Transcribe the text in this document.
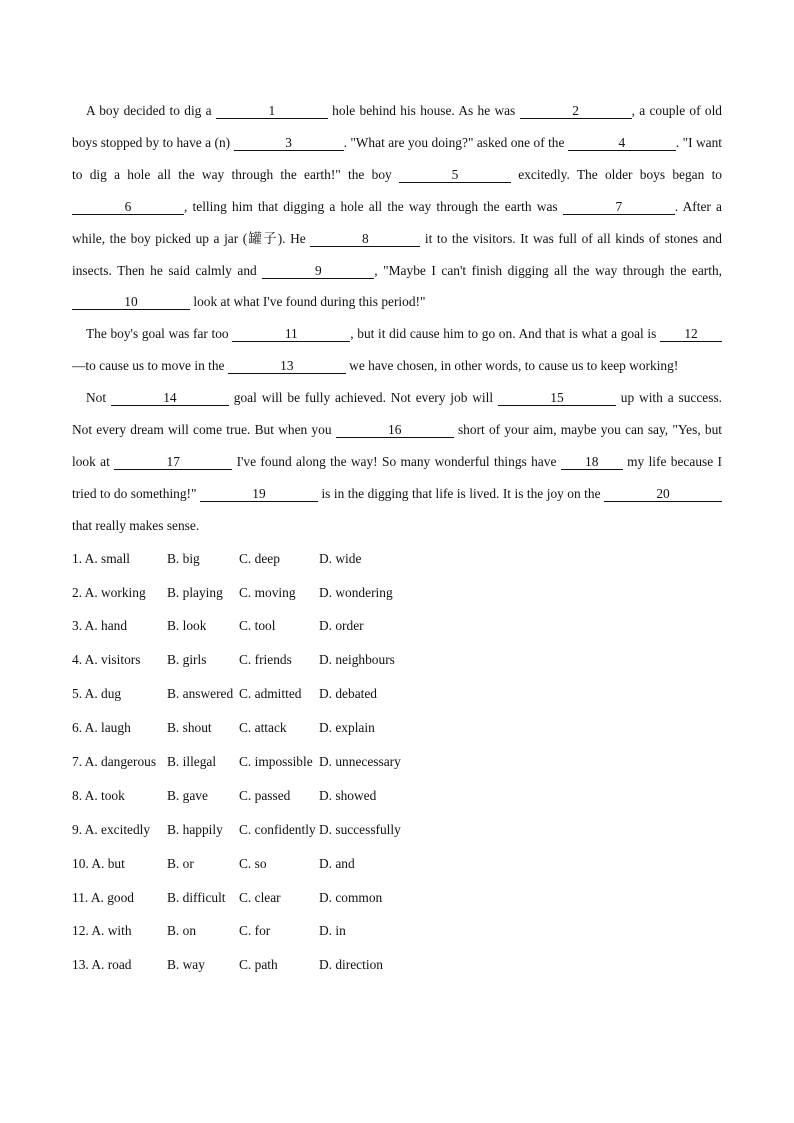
A boy decided to dig a	1	hole behind his house. As he was	2	, a couple of old boys stopped by to have a (n)	3	. "What are you doing?" asked one of the	4	. "I want to dig a hole all the way through the earth!" the boy	5	excitedly. The older boys began to 6	, telling him that digging a hole all the way through the earth was	7	. After a while, the boy picked up a jar (罐子). He	8	it to the visitors. It was full of all kinds of stones and insects. Then he said calmly and	9	, "Maybe I can't finish digging all the way through the earth, 10	look at what I've found during this period!"

The boy's goal was far too	11	, but it did cause him to go on. And that is what a goal is 12 —to cause us to move in the	13	we have chosen, in other words, to cause us to keep working!

Not	14	goal will be fully achieved. Not every job will	15	up with a success. Not every dream will come true. But when you	16	short of your aim, maybe you can say, "Yes, but look at	17	I've found along the way! So many wonderful things have 18 my life because I tried to do something!"	19	is in the digging that life is lived. It is the joy on the	20 that really makes sense.

1. A. small	B. big	C. deep	D. wide
2. A. working	B. playing	C. moving	D. wondering
3. A. hand	B. look	C. tool	D. order
4. A. visitors	B. girls	C. friends	D. neighbours
5. A. dug	B. answered C. admitted	D. debated
6. A. laugh	B. shout	C. attack	D. explain
7. A. dangerous B. illegal	C. impossible D. unnecessary
8. A. took	B. gave	C. passed	D. showed
9. A. excitedly	B. happily	C. confidently D. successfully
10. A. but	B. or	C. so	D. and
11. A. good	B. difficult	C. clear	D. common
12. A. with	B. on	C. for	D. in
13. A. road	B. way	C. path	D. direction
